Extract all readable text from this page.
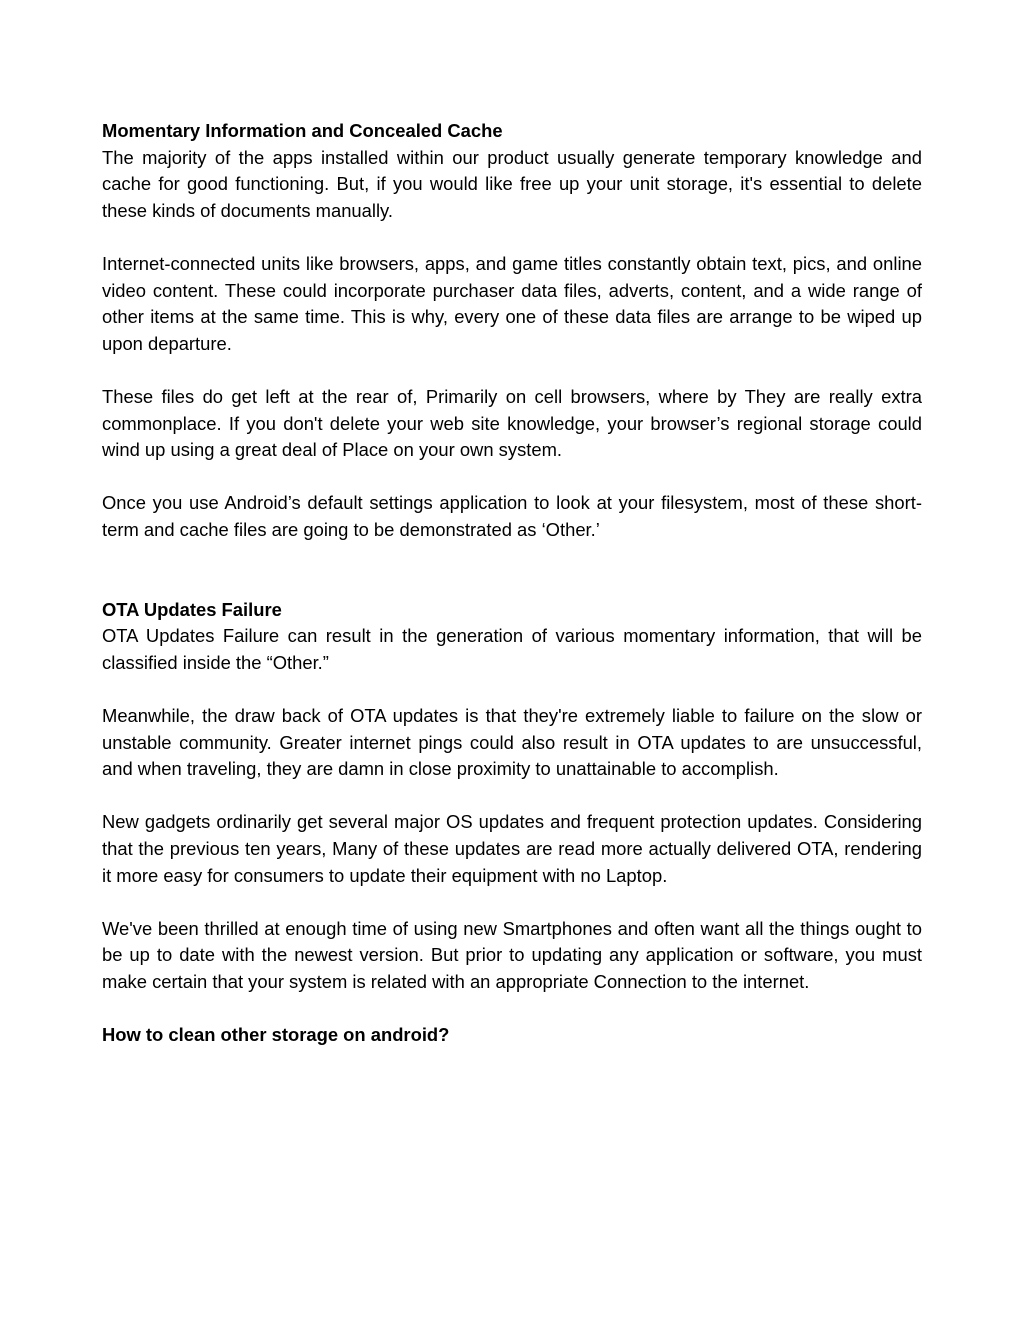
Momentary Information and Concealed Cache

The majority of the apps installed within our product usually generate temporary knowledge and cache for good functioning. But, if you would like free up your unit storage, it's essential to delete these kinds of documents manually.

Internet-connected units like browsers, apps, and game titles constantly obtain text, pics, and online video content. These could incorporate purchaser data files, adverts, content, and a wide range of other items at the same time. This is why, every one of these data files are arrange to be wiped up upon departure.

These files do get left at the rear of, Primarily on cell browsers, where by They are really extra commonplace. If you don't delete your web site knowledge, your browser’s regional storage could wind up using a great deal of Place on your own system.

Once you use Android’s default settings application to look at your filesystem, most of these short-term and cache files are going to be demonstrated as ‘Other.’

OTA Updates Failure

OTA Updates Failure can result in the generation of various momentary information, that will be classified inside the “Other.”

Meanwhile, the draw back of OTA updates is that they're extremely liable to failure on the slow or unstable community. Greater internet pings could also result in OTA updates to are unsuccessful, and when traveling, they are damn in close proximity to unattainable to accomplish.

New gadgets ordinarily get several major OS updates and frequent protection updates. Considering that the previous ten years, Many of these updates are read more actually delivered OTA, rendering it more easy for consumers to update their equipment with no Laptop.

We've been thrilled at enough time of using new Smartphones and often want all the things ought to be up to date with the newest version. But prior to updating any application or software, you must make certain that your system is related with an appropriate Connection to the internet.

How to clean other storage on android?
